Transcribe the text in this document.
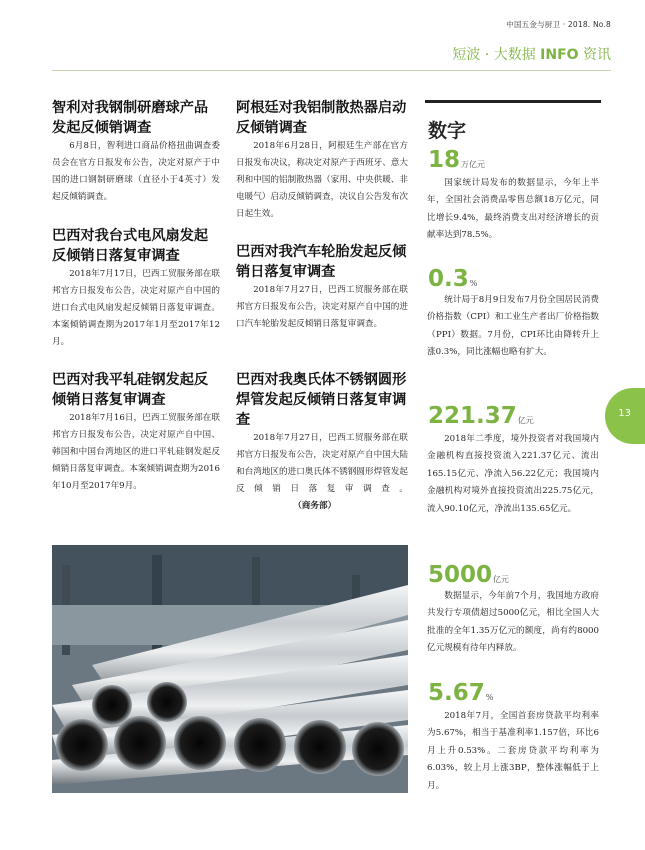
中国五金与厨卫 · 2018. No.8
短波 · 大数据 INFO 资讯
智利对我钢制研磨球产品发起反倾销调查

6月8日，智利进口商品价格扭曲调查委员会在官方日报发布公告，决定对原产于中国的进口钢制研磨球（直径小于4英寸）发起反倾销调查。

巴西对我台式电风扇发起反倾销日落复审调查

2018年7月17日，巴西工贸服务部在联邦官方日报发布公告，决定对原产自中国的进口台式电风扇发起反倾销日落复审调查。本案倾销调查期为2017年1月至2017年12月。

巴西对我平轧硅钢发起反倾销日落复审调查

2018年7月16日，巴西工贸服务部在联邦官方日报发布公告，决定对原产自中国、韩国和中国台湾地区的进口平轧硅钢发起反倾销日落复审调查。本案倾销调查期为2016年10月至2017年9月。

阿根廷对我铝制散热器启动反倾销调查

2018年6月28日，阿根廷生产部在官方日报发布决议，称决定对原产于西班牙、意大利和中国的铝制散热器（家用、中央供暖、非电暖气）启动反倾销调查，决议自公告发布次日起生效。

巴西对我汽车轮胎发起反倾销日落复审调查

2018年7月27日，巴西工贸服务部在联邦官方日报发布公告，决定对原产自中国的进口汽车轮胎发起反倾销日落复审调查。

巴西对我奥氏体不锈钢圆形焊管发起反倾销日落复审调查

2018年7月27日，巴西工贸服务部在联邦官方日报发布公告，决定对原产自中国大陆和台湾地区的进口奥氏体不锈钢圆形焊管发起反倾销日落复审调查。（商务部）

数字
18万亿元

国家统计局发布的数据显示，今年上半年，全国社会消费品零售总额18万亿元，同比增长9.4%，最终消费支出对经济增长的贡献率达到78.5%。

0.3%

统计局于8月9日发布7月份全国居民消费价格指数（CPI）和工业生产者出厂价格指数（PPI）数据。7月份，CPI环比由降转升上涨0.3%，同比涨幅也略有扩大。

221.37亿元

2018年二季度，境外投资者对我国境内金融机构直接投资流入221.37亿元、流出165.15亿元、净流入56.22亿元；我国境内金融机构对境外直接投资流出225.75亿元，流入90.10亿元，净流出135.65亿元。

5000亿元

数据显示，今年前7个月，我国地方政府共发行专项债超过5000亿元，相比全国人大批准的全年1.35万亿元的额度，尚有约8000亿元规模有待年内释放。

5.67%

2018年7月，全国首套房贷款平均利率为5.67%，相当于基准利率1.157倍，环比6月上升0.53%。二套房贷款平均利率为6.03%，较上月上涨3BP，整体涨幅低于上月。

13
